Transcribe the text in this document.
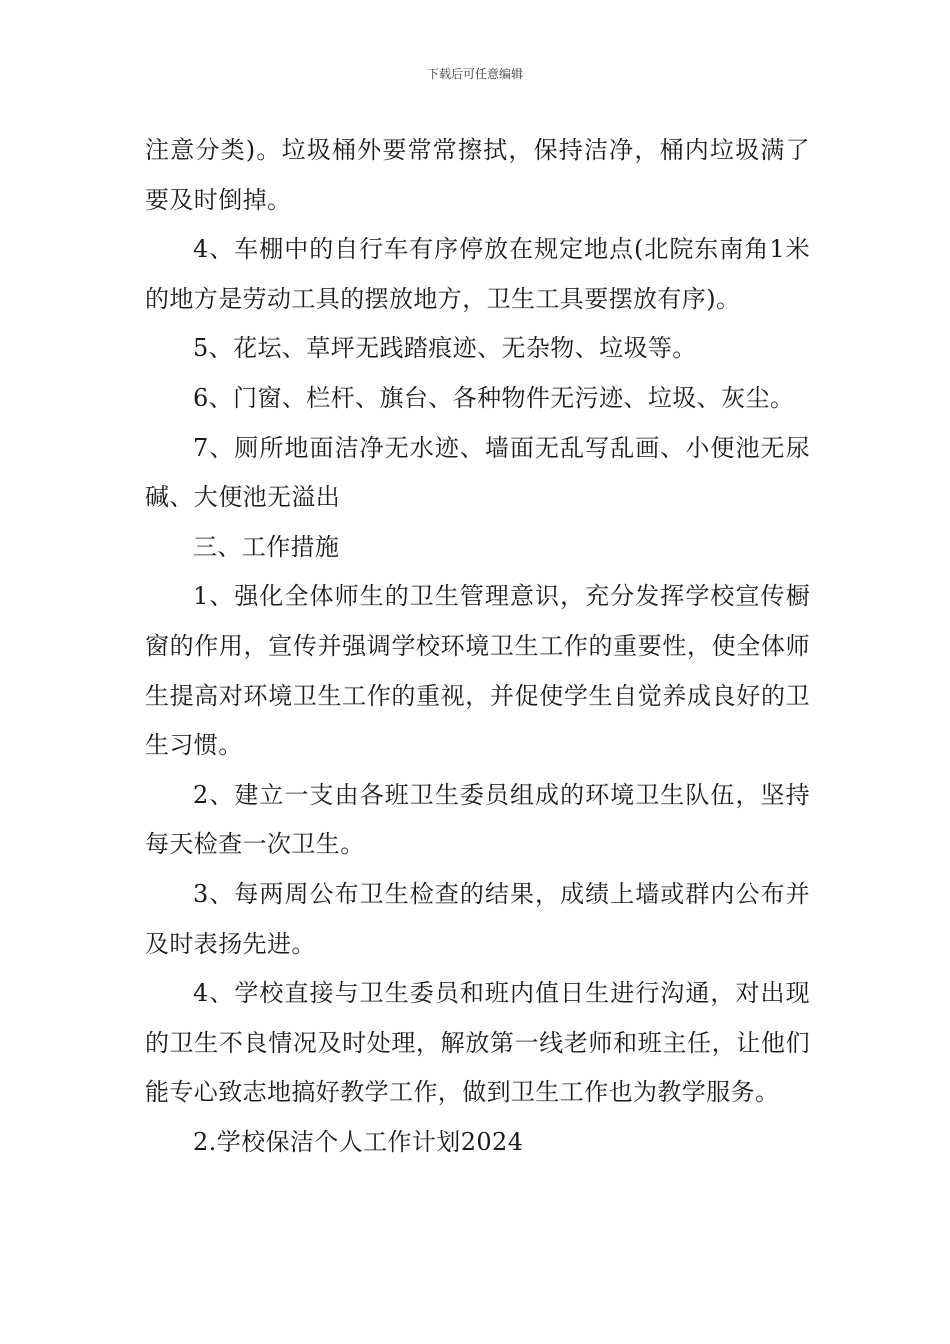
下载后可任意编辑

注意分类)。垃圾桶外要常常擦拭，保持洁净，桶内垃圾满了要及时倒掉。

4、车棚中的自行车有序停放在规定地点(北院东南角1米的地方是劳动工具的摆放地方，卫生工具要摆放有序)。

5、花坛、草坪无践踏痕迹、无杂物、垃圾等。

6、门窗、栏杆、旗台、各种物件无污迹、垃圾、灰尘。

7、厕所地面洁净无水迹、墙面无乱写乱画、小便池无尿碱、大便池无溢出

三、工作措施

1、强化全体师生的卫生管理意识，充分发挥学校宣传橱窗的作用，宣传并强调学校环境卫生工作的重要性，使全体师生提高对环境卫生工作的重视，并促使学生自觉养成良好的卫生习惯。

2、建立一支由各班卫生委员组成的环境卫生队伍，坚持每天检查一次卫生。

3、每两周公布卫生检查的结果，成绩上墙或群内公布并及时表扬先进。

4、学校直接与卫生委员和班内值日生进行沟通，对出现的卫生不良情况及时处理，解放第一线老师和班主任，让他们能专心致志地搞好教学工作，做到卫生工作也为教学服务。

2.学校保洁个人工作计划2024
